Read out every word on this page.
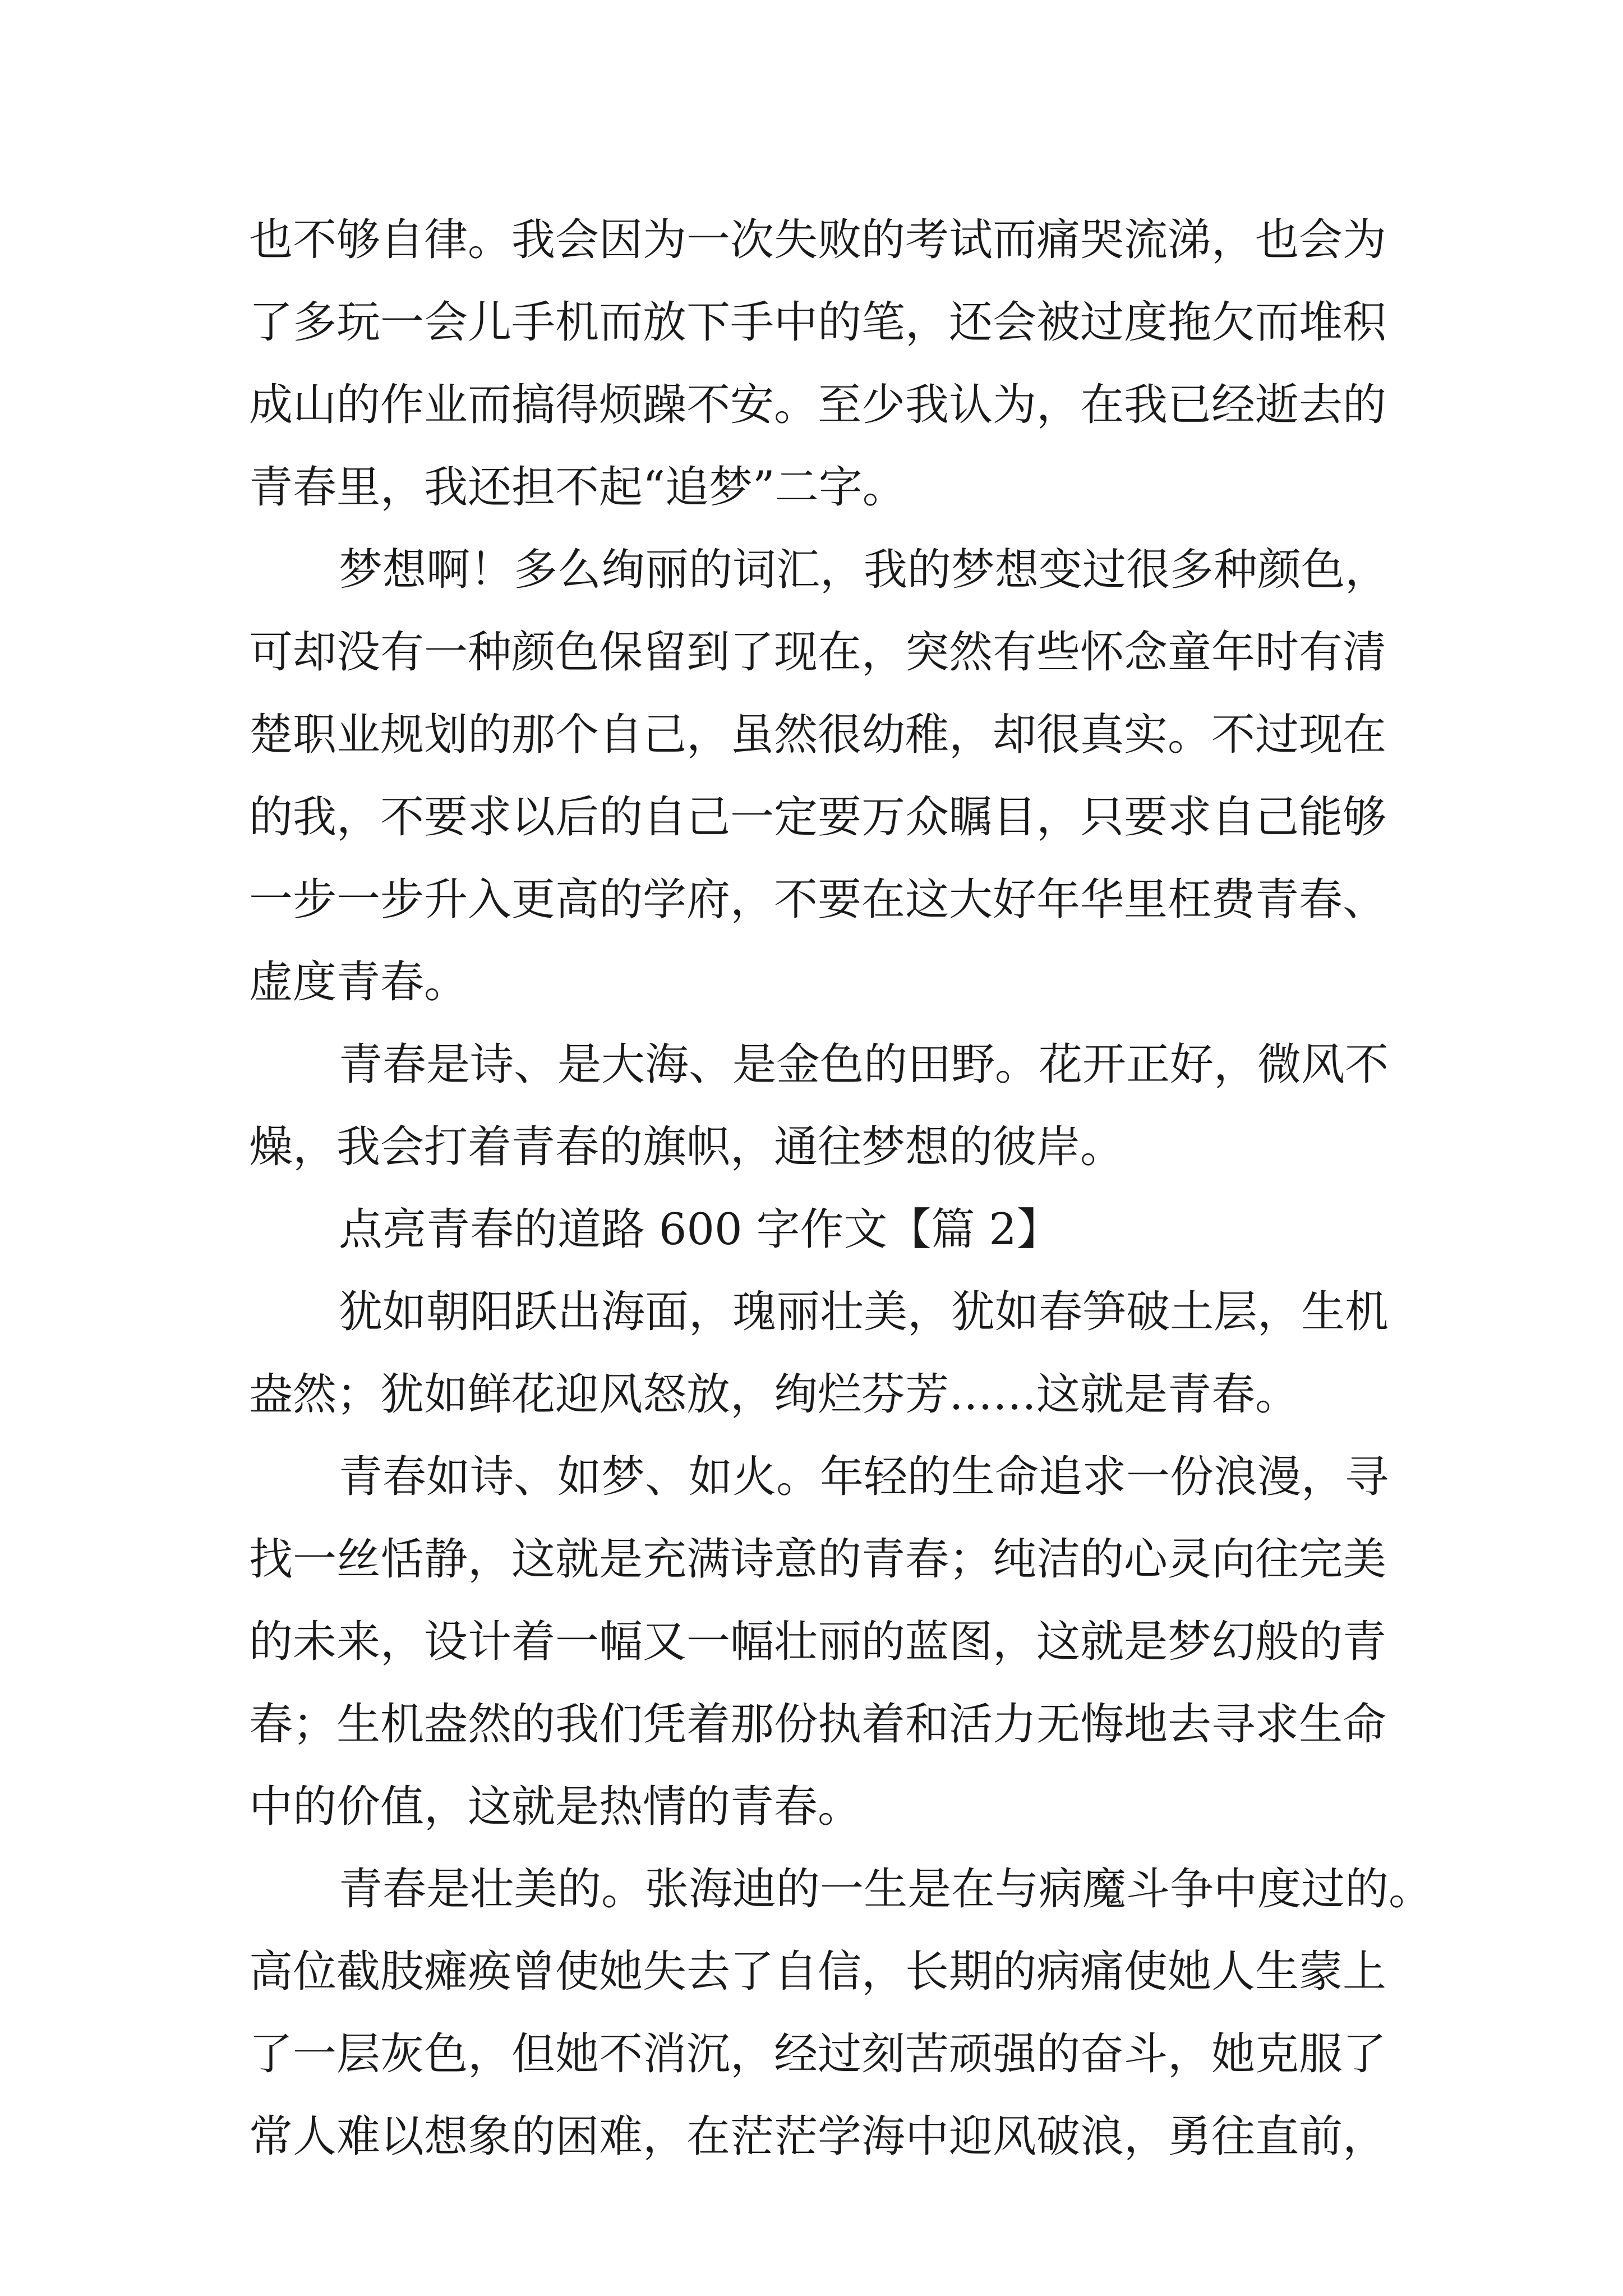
也不够自律。我会因为一次失败的考试而痛哭流涕，也会为
了多玩一会儿手机而放下手中的笔，还会被过度拖欠而堆积
成山的作业而搞得烦躁不安。至少我认为，在我已经逝去的
青春里，我还担不起“追梦”二字。
梦想啊！多么绚丽的词汇，我的梦想变过很多种颜色，
可却没有一种颜色保留到了现在，突然有些怀念童年时有清
楚职业规划的那个自己，虽然很幼稚，却很真实。不过现在
的我，不要求以后的自己一定要万众瞩目，只要求自己能够
一步一步升入更高的学府，不要在这大好年华里枉费青春、
虚度青春。
青春是诗、是大海、是金色的田野。花开正好，微风不
燥，我会打着青春的旗帜，通往梦想的彼岸。
点亮青春的道路 600 字作文【篇 2】
犹如朝阳跃出海面，瑰丽壮美，犹如春笋破土层，生机
盎然；犹如鲜花迎风怒放，绚烂芬芳……这就是青春。
青春如诗、如梦、如火。年轻的生命追求一份浪漫，寻
找一丝恬静，这就是充满诗意的青春；纯洁的心灵向往完美
的未来，设计着一幅又一幅壮丽的蓝图，这就是梦幻般的青
春；生机盎然的我们凭着那份执着和活力无悔地去寻求生命
中的价值，这就是热情的青春。
青春是壮美的。张海迪的一生是在与病魔斗争中度过的。
高位截肢瘫痪曾使她失去了自信，长期的病痛使她人生蒙上
了一层灰色，但她不消沉，经过刻苦顽强的奋斗，她克服了
常人难以想象的困难，在茫茫学海中迎风破浪，勇往直前，
